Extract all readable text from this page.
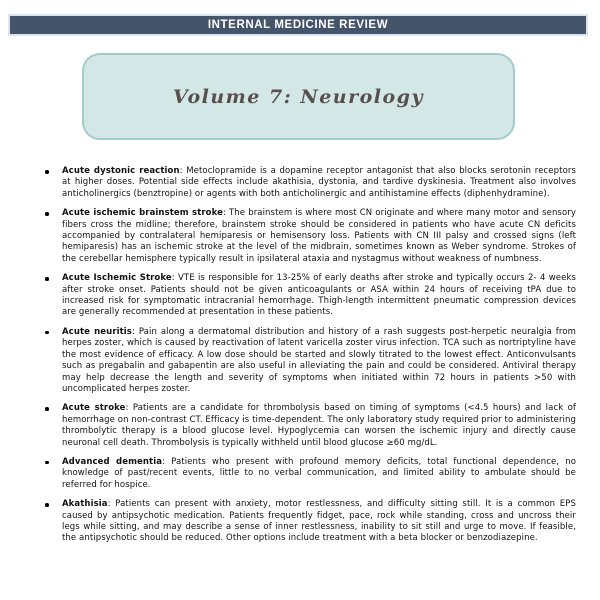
INTERNAL MEDICINE REVIEW
Volume 7: Neurology
Acute dystonic reaction: Metoclopramide is a dopamine receptor antagonist that also blocks serotonin receptors at higher doses. Potential side effects include akathisia, dystonia, and tardive dyskinesia. Treatment also involves anticholinergics (benztropine) or agents with both anticholinergic and antihistamine effects (diphenhydramine).
Acute ischemic brainstem stroke: The brainstem is where most CN originate and where many motor and sensory fibers cross the midline; therefore, brainstem stroke should be considered in patients who have acute CN deficits accompanied by contralateral hemiparesis or hemisensory loss. Patients with CN III palsy and crossed signs (left hemiparesis) has an ischemic stroke at the level of the midbrain, sometimes known as Weber syndrome. Strokes of the cerebellar hemisphere typically result in ipsilateral ataxia and nystagmus without weakness of numbness.
Acute Ischemic Stroke: VTE is responsible for 13-25% of early deaths after stroke and typically occurs 2- 4 weeks after stroke onset. Patients should not be given anticoagulants or ASA within 24 hours of receiving tPA due to increased risk for symptomatic intracranial hemorrhage. Thigh-length intermittent pneumatic compression devices are generally recommended at presentation in these patients.
Acute neuritis: Pain along a dermatomal distribution and history of a rash suggests post-herpetic neuralgia from herpes zoster, which is caused by reactivation of latent varicella zoster virus infection. TCA such as nortriptyline have the most evidence of efficacy. A low dose should be started and slowly titrated to the lowest effect. Anticonvulsants such as pregabalin and gabapentin are also useful in alleviating the pain and could be considered. Antiviral therapy may help decrease the length and severity of symptoms when initiated within 72 hours in patients >50 with uncomplicated herpes zoster.
Acute stroke: Patients are a candidate for thrombolysis based on timing of symptoms (<4.5 hours) and lack of hemorrhage on non-contrast CT. Efficacy is time-dependent. The only laboratory study required prior to administering thrombolytic therapy is a blood glucose level. Hypoglycemia can worsen the ischemic injury and directly cause neuronal cell death. Thrombolysis is typically withheld until blood glucose ≥60 mg/dL.
Advanced dementia: Patients who present with profound memory deficits, total functional dependence, no knowledge of past/recent events, little to no verbal communication, and limited ability to ambulate should be referred for hospice.
Akathisia: Patients can present with anxiety, motor restlessness, and difficulty sitting still. It is a common EPS caused by antipsychotic medication. Patients frequently fidget, pace, rock while standing, cross and uncross their legs while sitting, and may describe a sense of inner restlessness, inability to sit still and urge to move. If feasible, the antipsychotic should be reduced. Other options include treatment with a beta blocker or benzodiazepine.
